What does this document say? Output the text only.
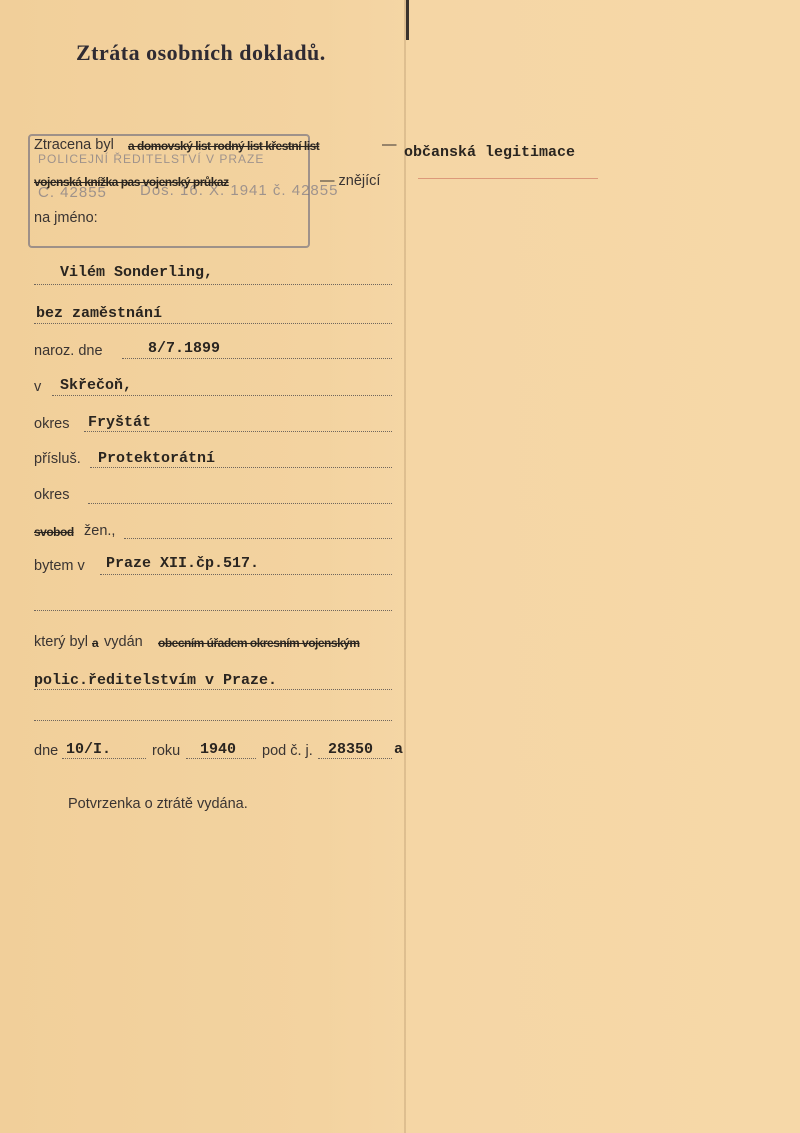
Ztráta osobních dokladů.
POLICEJNÍ ŘEDITELSTVÍ V PRAZE
Doš. 16. X. 1941 č. 42855
Č. 42855
Ztracena byl a domovský list rodný list křestní list	— občanská legitimace
vojenská knížka pas vojenský průkaz	— znějící
na jméno:
Vilém Sonderling,
bez zaměstnání
naroz. dne	8/7.1899
v Skřečoň,
okres Fryštát
přísluš. Protektorátní
okres
svobod žen.,
bytem v Praze XII.čp.517.
který byl a vydán obecním úřadem okresním vojenským
polic.ředitelstvím v Praze.
dne 10/I.	roku 1940 pod č. j. 28350 a
Potvrzenka o ztrátě vydána.
